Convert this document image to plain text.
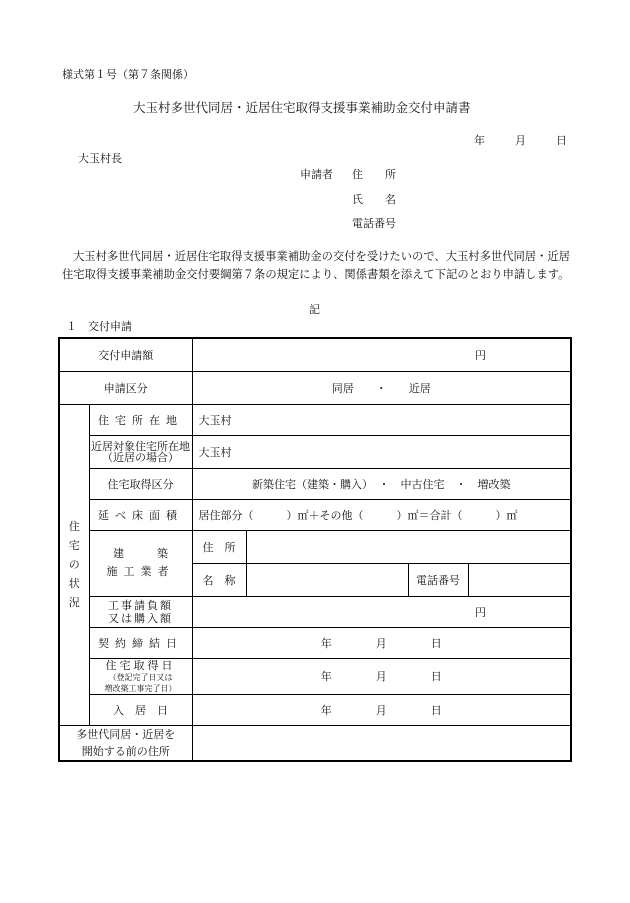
様式第１号（第７条関係）
大玉村多世代同居・近居住宅取得支援事業補助金交付申請書
年	月	日
大玉村長
申請者 住　　所
氏　　名
電話番号
大玉村多世代同居・近居住宅取得支援事業補助金の交付を受けたいので、大玉村多世代同居・近居住宅取得支援事業補助金交付要綱第７条の規定により、関係書類を添えて下記のとおり申請します。
記
１　交付申請
交付申請額		円			

申請区分		同居　　・　　近居			
住
宅
の
状
況	住宅所在地	大玉村			
	近居対象住宅所在地
（近居の場合）	大玉村			
	住宅取得区分	新築住宅（建築・購入）　・　中古住宅　・　増改築			
	延べ床面積	居住部分（　　　）㎡＋その他（　　　）㎡＝合計（　　　）㎡			
	建　　　築
施工業者	住　所			
		名　称		電話番号	
	工事請負額
又は購入額	円			

	契約締結日	年　　　　月　　　　日			
	住宅取得日
（登記完了日又は
増改築工事完了日）	年　　　　月　　　　日			
	入　居　日	年　　　　月　　　　日			
多世代同居・近居を
開始する前の住所					
